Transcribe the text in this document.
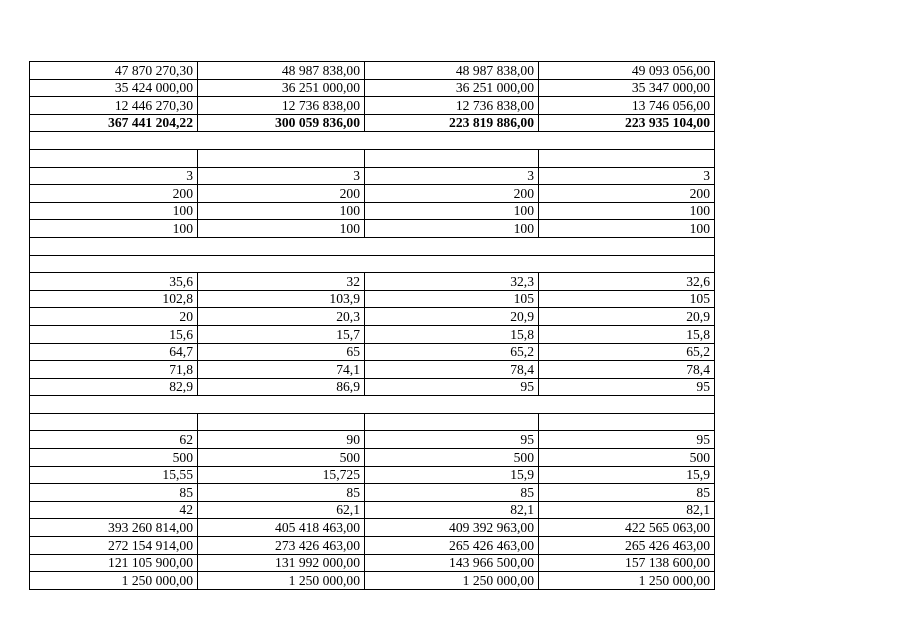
47 870 270,30	48 987 838,00	48 987 838,00	49 093 056,00
35 424 000,00	36 251 000,00	36 251 000,00	35 347 000,00
12 446 270,30	12 736 838,00	12 736 838,00	13 746 056,00
367 441 204,22	300 059 836,00	223 819 886,00	223 935 104,00

3	3	3	3
200	200	200	200
100	100	100	100
100	100	100	100

35,6	32	32,3	32,6
102,8	103,9	105	105
20	20,3	20,9	20,9
15,6	15,7	15,8	15,8
64,7	65	65,2	65,2
71,8	74,1	78,4	78,4
82,9	86,9	95	95

62	90	95	95
500	500	500	500
15,55	15,725	15,9	15,9
85	85	85	85
42	62,1	82,1	82,1
393 260 814,00	405 418 463,00	409 392 963,00	422 565 063,00
272 154 914,00	273 426 463,00	265 426 463,00	265 426 463,00
121 105 900,00	131 992 000,00	143 966 500,00	157 138 600,00
1 250 000,00	1 250 000,00	1 250 000,00	1 250 000,00
